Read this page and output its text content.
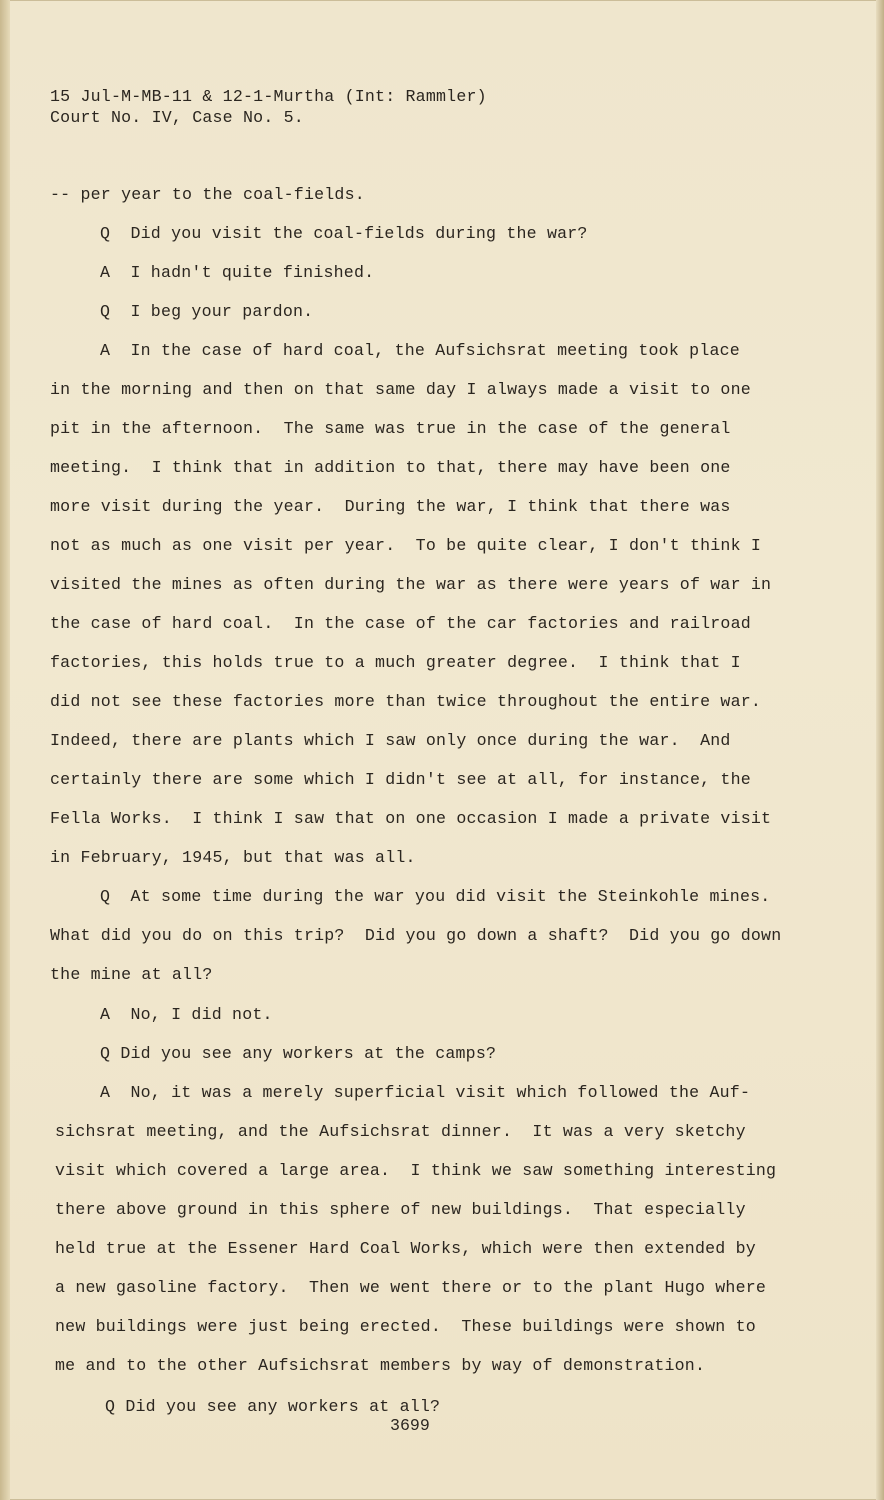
15 Jul-M-MB-11 & 12-1-Murtha (Int: Rammler)
Court No. IV, Case No. 5.
-- per year to the coal-fields.
Q  Did you visit the coal-fields during the war?
A  I hadn't quite finished.
Q  I beg your pardon.
A  In the case of hard coal, the Aufsichsrat meeting took place
in the morning and then on that same day I always made a visit to one
pit in the afternoon.  The same was true in the case of the general
meeting.  I think that in addition to that, there may have been one
more visit during the year.  During the war, I think that there was
not as much as one visit per year.  To be quite clear, I don't think I
visited the mines as often during the war as there were years of war in
the case of hard coal.  In the case of the car factories and railroad
factories, this holds true to a much greater degree.  I think that I
did not see these factories more than twice throughout the entire war.
Indeed, there are plants which I saw only once during the war.  And
certainly there are some which I didn't see at all, for instance, the
Fella Works.  I think I saw that on one occasion I made a private visit
in February, 1945, but that was all.
Q  At some time during the war you did visit the Steinkohle mines.
What did you do on this trip?  Did you go down a shaft?  Did you go down
the mine at all?
A  No, I did not.
Q Did you see any workers at the camps?
A  No, it was a merely superficial visit which followed the Auf-
sichsrat meeting, and the Aufsichsrat dinner.  It was a very sketchy
visit which covered a large area.  I think we saw something interesting
there above ground in this sphere of new buildings.  That especially
held true at the Essener Hard Coal Works, which were then extended by
a new gasoline factory.  Then we went there or to the plant Hugo where
new buildings were just being erected.  These buildings were shown to
me and to the other Aufsichsrat members by way of demonstration.
Q Did you see any workers at all?
3699
